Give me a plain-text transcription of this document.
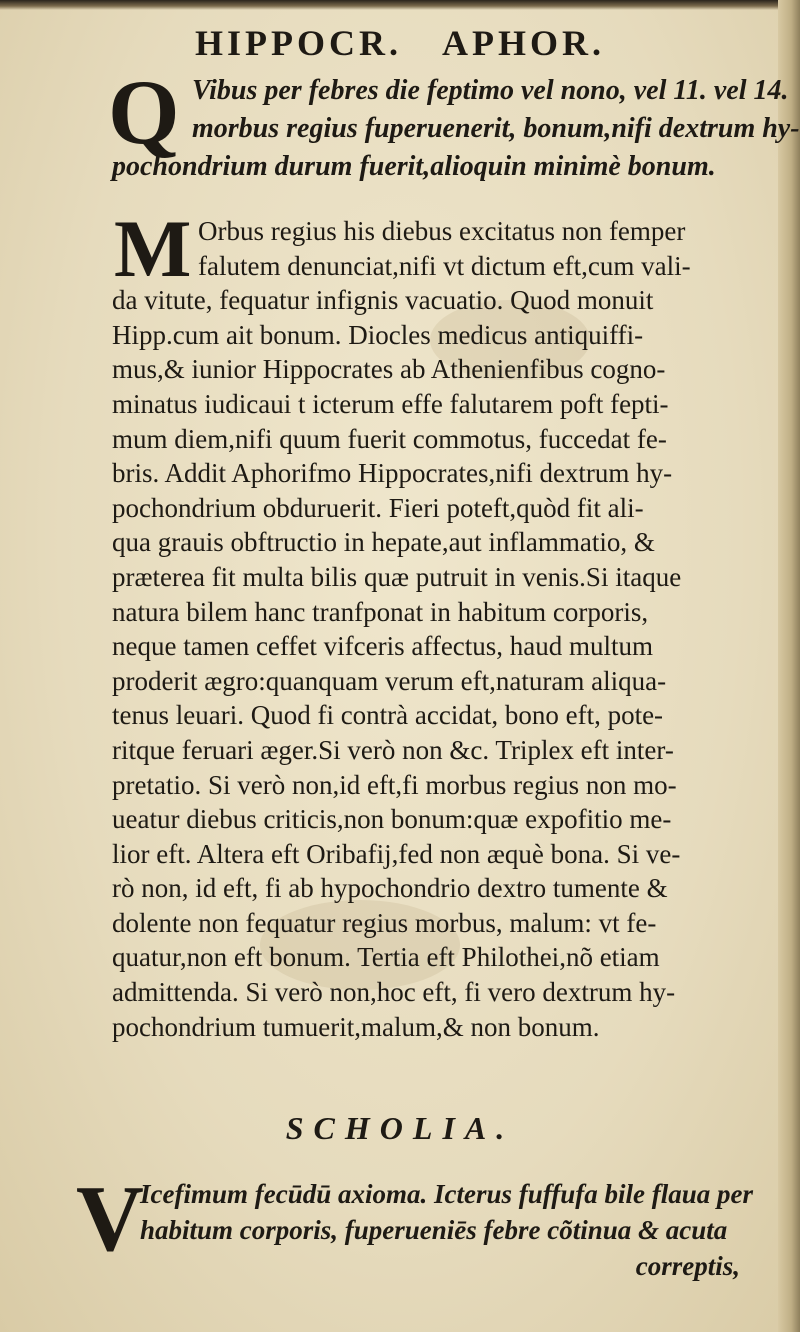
HIPPOCR. APHOR.
Q Vibus per febres die feptimo vel nono, vel 11. vel 14.
morbus regius fuperuenerit, bonum,nifi dextrum hy-
pochondrium durum fuerit,alioquin minimè bonum.
M Orbus regius his diebus excitatus non femper
falutem denunciat,nifi vt dictum eft,cum vali-
da vitute, fequatur infignis vacuatio. Quod monuit
Hipp.cum ait bonum. Diocles medicus antiquiffi-
mus,& iunior Hippocrates ab Athenienfibus cogno-
minatus iudicaui t icterum effe falutarem poft fepti-
mum diem,nifi quum fuerit commotus, fuccedat fe-
bris. Addit Aphorifmo Hippocrates,nifi dextrum hy-
pochondrium obduruerit. Fieri poteft,quòd fit ali-
qua grauis obftructio in hepate,aut inflammatio, &
præterea fit multa bilis quæ putruit in venis.Si itaque
natura bilem hanc tranfponat in habitum corporis,
neque tamen ceffet vifceris affectus, haud multum
proderit ægro:quanquam verum eft,naturam aliqua-
tenus leuari. Quod fi contrà accidat, bono eft, pote-
ritque feruari æger.Si verò non &c. Triplex eft inter-
pretatio. Si verò non,id eft,fi morbus regius non mo-
ueatur diebus criticis,non bonum:quæ expofitio me-
lior eft. Altera eft Oribafij,fed non æquè bona. Si ve-
rò non, id eft, fi ab hypochondrio dextro tumente &
dolente non fequatur regius morbus, malum: vt fe-
quatur,non eft bonum. Tertia eft Philothei,nõ etiam
admittenda. Si verò non,hoc eft, fi vero dextrum hy-
pochondrium tumuerit,malum,& non bonum.
SCHOLIA.
V
Icefimum fecūdū axioma. Icterus fuffufa bile flaua per
habitum corporis, fuperueniēs febre cõtinua & acuta
correptis,
